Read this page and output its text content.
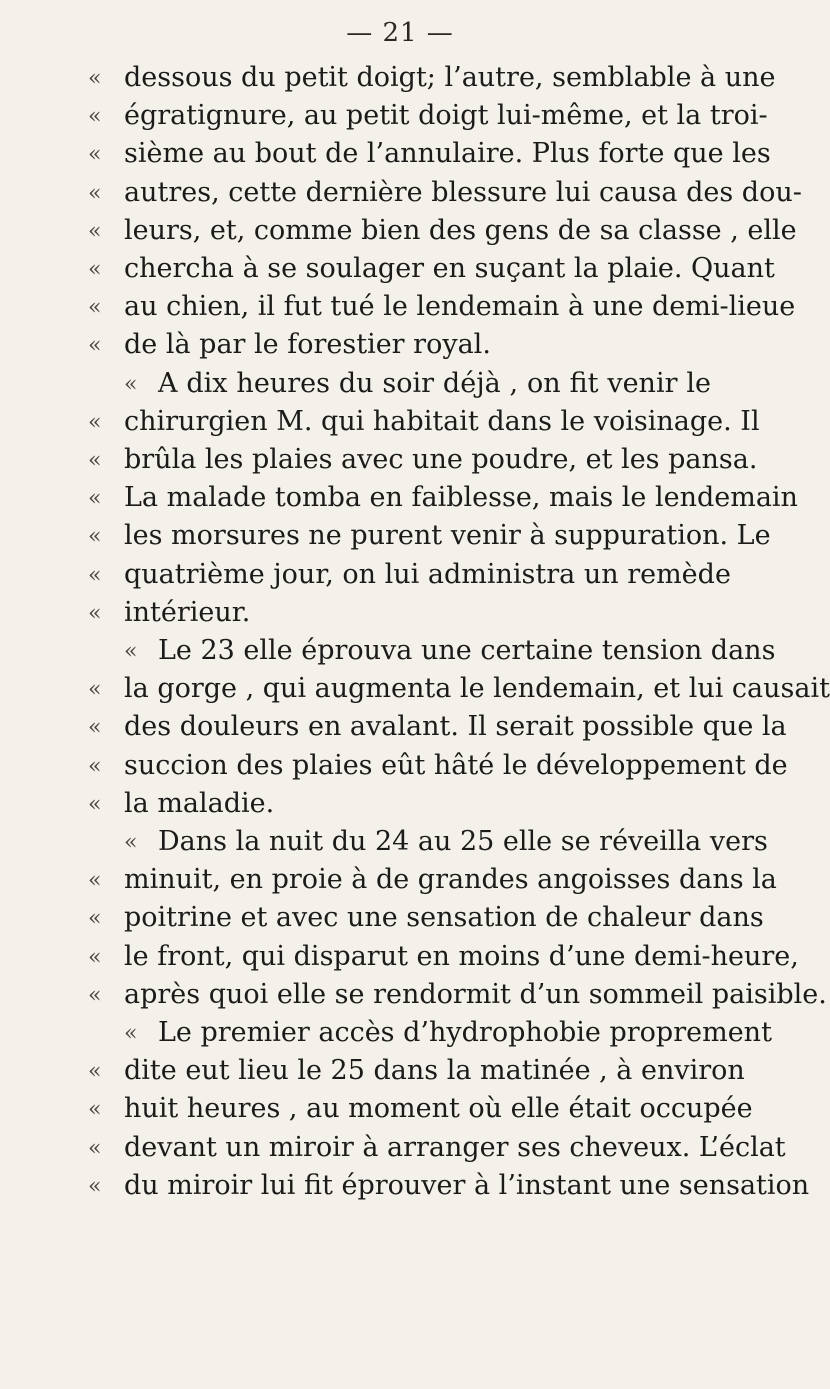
— 21 —
« dessous du petit doigt; l’autre, semblable à une
« égratignure, au petit doigt lui-même, et la troi-
« sième au bout de l’annulaire. Plus forte que les
« autres, cette dernière blessure lui causa des dou-
« leurs, et, comme bien des gens de sa classe , elle
« chercha à se soulager en suçant la plaie. Quant
« au chien, il fut tué le lendemain à une demi-lieue
« de là par le forestier royal.
« A dix heures du soir déjà , on fit venir le
« chirurgien M. qui habitait dans le voisinage. Il
« brûla les plaies avec une poudre, et les pansa.
« La malade tomba en faiblesse, mais le lendemain
« les morsures ne purent venir à suppuration. Le
« quatrième jour, on lui administra un remède
« intérieur.
« Le 23 elle éprouva une certaine tension dans
« la gorge , qui augmenta le lendemain, et lui causait
« des douleurs en avalant. Il serait possible que la
« succion des plaies eût hâté le développement de
« la maladie.
« Dans la nuit du 24 au 25 elle se réveilla vers
« minuit, en proie à de grandes angoisses dans la
« poitrine et avec une sensation de chaleur dans
« le front, qui disparut en moins d’une demi-heure,
« après quoi elle se rendormit d’un sommeil paisible.
« Le premier accès d’hydrophobie proprement
« dite eut lieu le 25 dans la matinée , à environ
« huit heures , au moment où elle était occupée
« devant un miroir à arranger ses cheveux. L’éclat
« du miroir lui fit éprouver à l’instant une sensation
